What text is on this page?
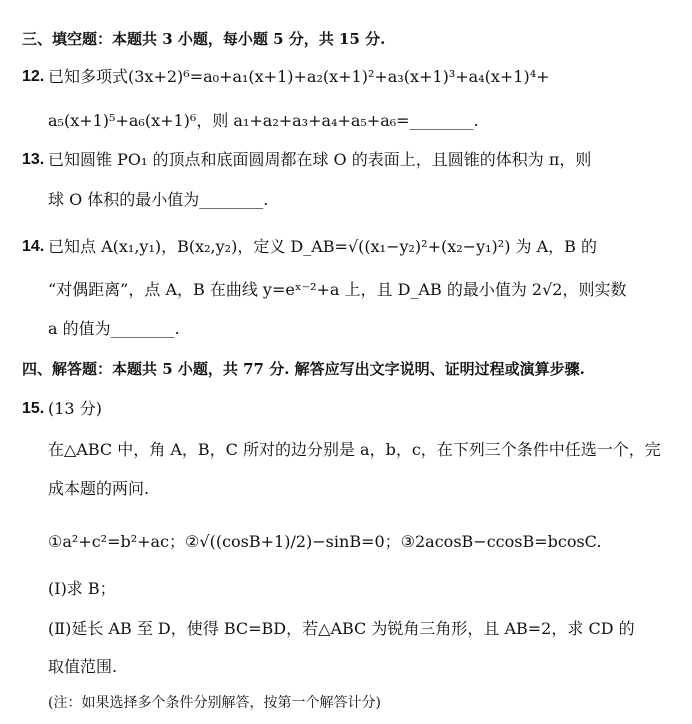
三、填空题：本题共 3 小题，每小题 5 分，共 15 分.
12. 已知多项式(3x+2)⁶=a₀+a₁(x+1)+a₂(x+1)²+a₃(x+1)³+a₄(x+1)⁴+
a₅(x+1)⁵+a₆(x+1)⁶，则 a₁+a₂+a₃+a₄+a₅+a₆=________.
13. 已知圆锥 PO₁ 的顶点和底面圆周都在球 O 的表面上，且圆锥的体积为 π，则
球 O 体积的最小值为________.
14. 已知点 A(x₁,y₁)，B(x₂,y₂)，定义 D_AB=√((x₁−y₂)²+(x₂−y₁)²) 为 A，B 的
“对偶距离”，点 A，B 在曲线 y=eˣ⁻²+a 上，且 D_AB 的最小值为 2√2，则实数
a 的值为________.
四、解答题：本题共 5 小题，共 77 分. 解答应写出文字说明、证明过程或演算步骤.
15. (13 分)
在△ABC 中，角 A，B，C 所对的边分别是 a，b，c，在下列三个条件中任选一个，完
成本题的两问.
①a²+c²=b²+ac；②√((cosB+1)/2)−sinB=0；③2acosB−ccosB=bcosC.
(Ⅰ)求 B；
(Ⅱ)延长 AB 至 D，使得 BC=BD，若△ABC 为锐角三角形，且 AB=2，求 CD 的
取值范围.
(注：如果选择多个条件分别解答，按第一个解答计分)
